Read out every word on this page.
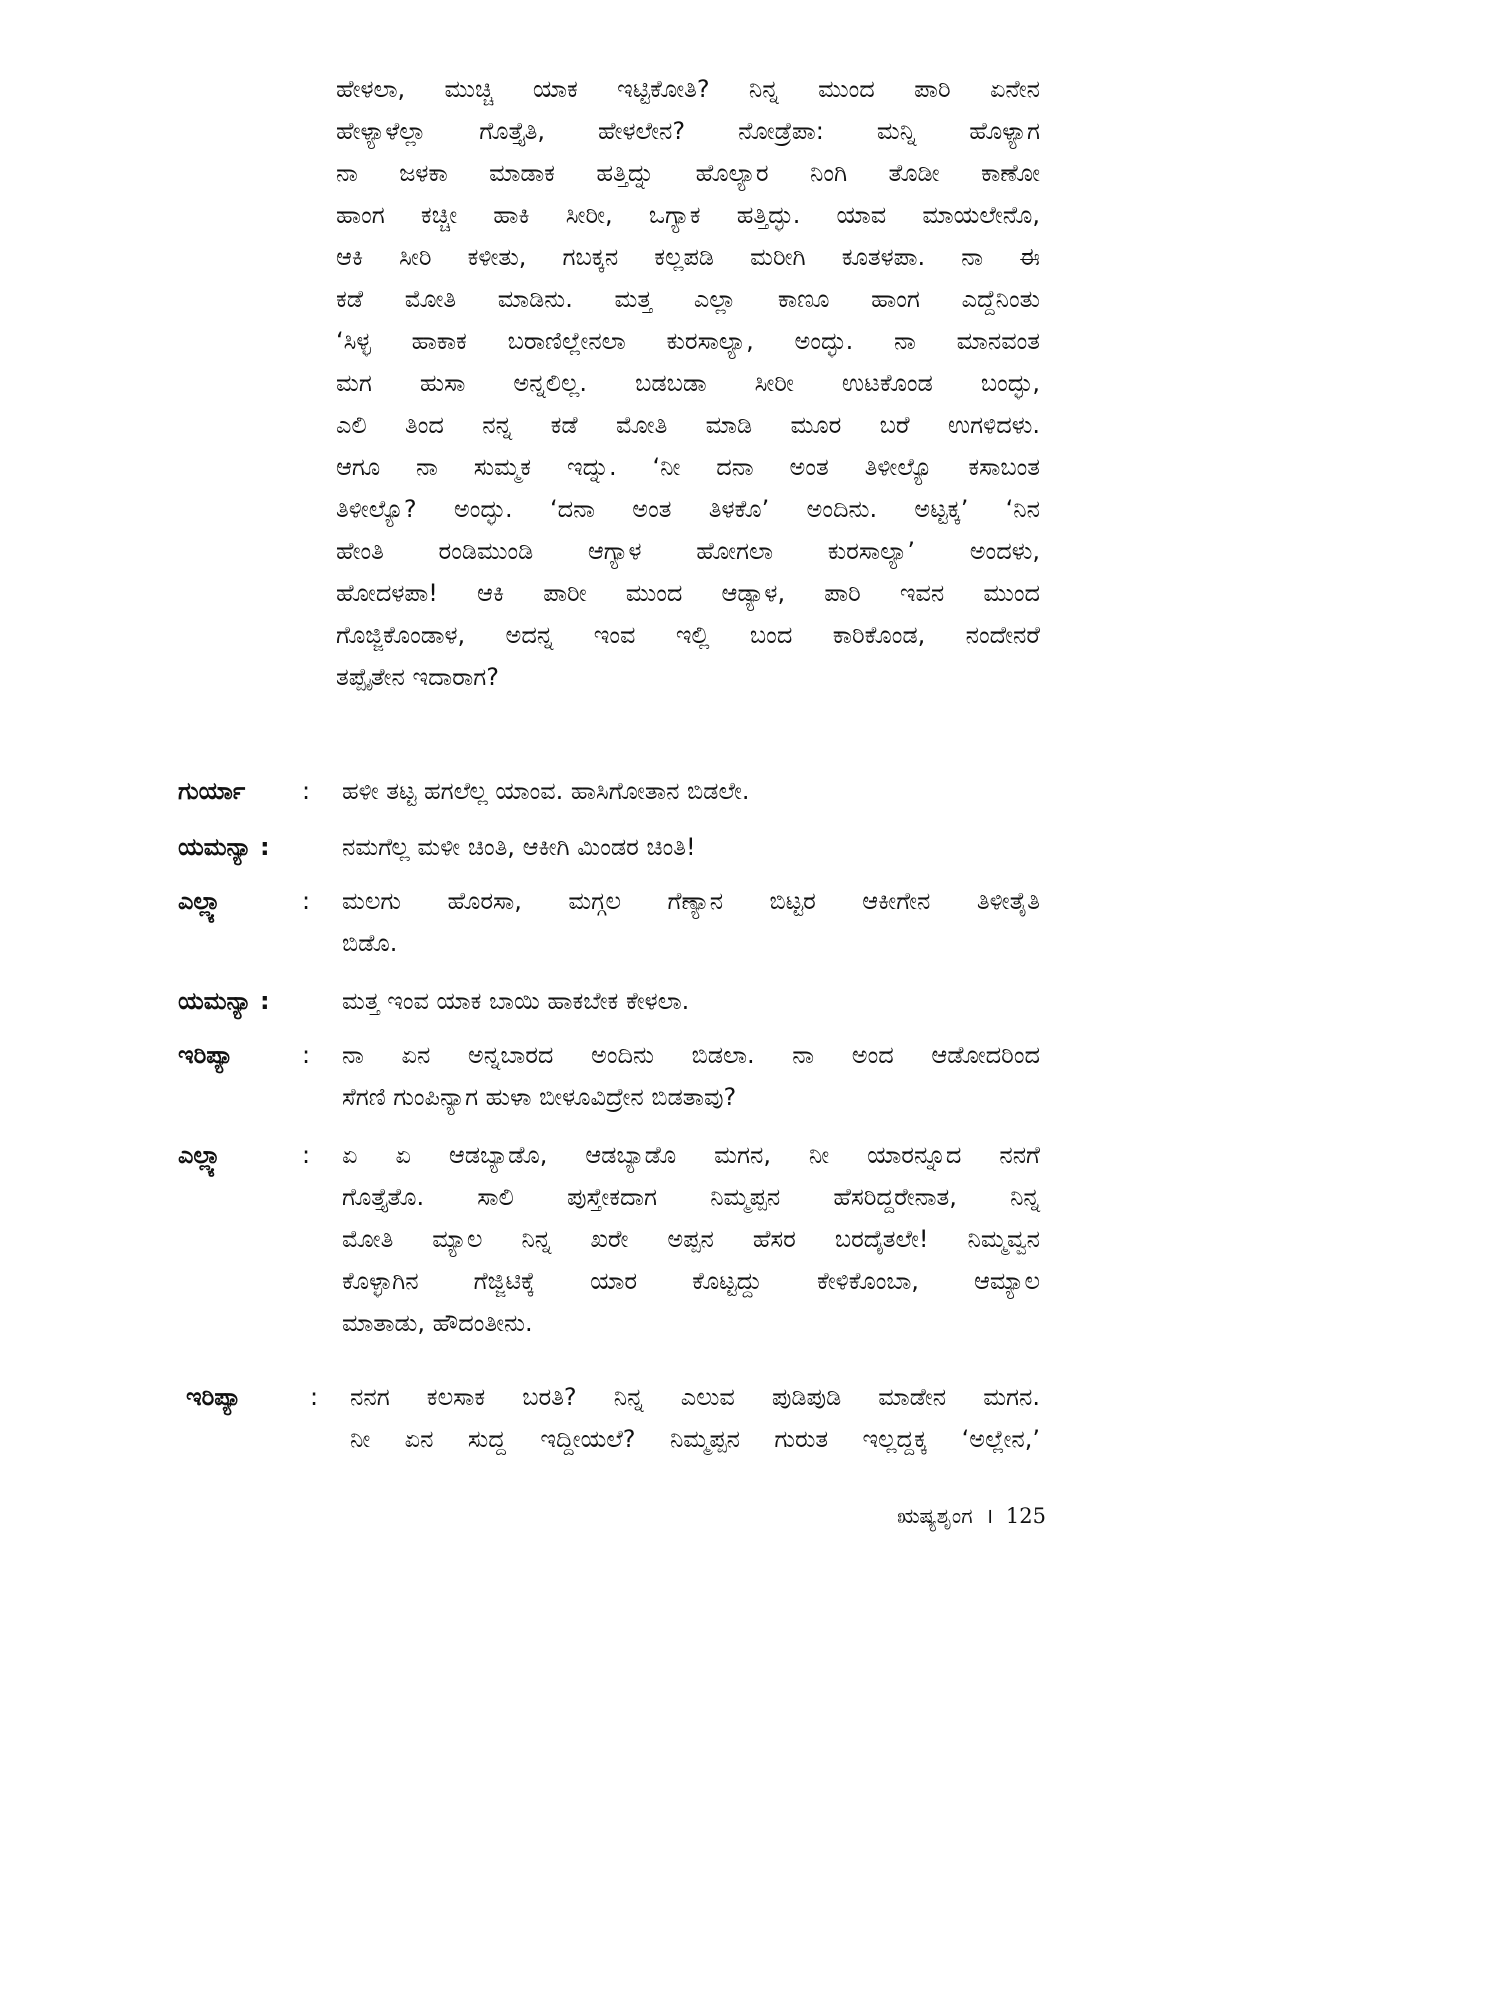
ಹೇಳಲಾ, ಮುಚ್ಚಿ ಯಾಕ ಇಟ್ಟಿಕೋತಿ? ನಿನ್ನ ಮುಂದ ಪಾರಿ ಏನೇನ
ಹೇಳ್ಯಾಳೆಲ್ಲಾ ಗೊತ್ತೈತಿ, ಹೇಳಲೇನ? ನೋಡ್ರೆಪಾ: ಮನ್ನಿ ಹೊಳ್ಯಾಗ
ನಾ ಜಳಕಾ ಮಾಡಾಕ ಹತ್ತಿದ್ನು ಹೊಲ್ಯಾರ ನಿಂಗಿ ತೊಡೀ ಕಾಣೋ
ಹಾಂಗ ಕಚ್ಚೀ ಹಾಕಿ ಸೀರೀ, ಒಗ್ಯಾಕ ಹತ್ತಿದ್ಳು. ಯಾವ ಮಾಯಲೇನೊ,
ಆಕಿ ಸೀರಿ ಕಳೀತು, ಗಬಕ್ಕನ ಕಲ್ಲಪಡಿ ಮರೀಗಿ ಕೂತಳಪಾ. ನಾ ಈ
ಕಡೆ ಮೋತಿ ಮಾಡಿನು. ಮತ್ತ ಎಲ್ಲಾ ಕಾಣೂ ಹಾಂಗ ಎದ್ದೆನಿಂತು
‘ಸಿಳ್ಳ ಹಾಕಾಕ ಬರಾಣಿಲ್ಲೇನಲಾ ಕುರಸಾಲ್ಯಾ, ಅಂದ್ಳು. ನಾ ಮಾನವಂತ
ಮಗ ಹುಸಾ ಅನ್ನಲಿಲ್ಲ. ಬಡಬಡಾ ಸೀರೀ ಉಟಕೊಂಡ ಬಂದ್ಳು,
ಎಲಿ ತಿಂದ ನನ್ನ ಕಡೆ ಮೋತಿ ಮಾಡಿ ಮೂರ ಬರೆ ಉಗಳಿದಳು.
ಆಗೂ ನಾ ಸುಮ್ಮಕ ಇದ್ನು. ‘ನೀ ದನಾ ಅಂತ ತಿಳೀಲ್ಯೊ ಕಸಾಬಂತ
ತಿಳೀಲ್ಯೊ? ಅಂದ್ಳು. ‘ದನಾ ಅಂತ ತಿಳಕೊ’ ಅಂದಿನು. ಅಟ್ಟಕ್ಕ’ ‘ನಿನ
ಹೇಂತಿ ರಂಡಿಮುಂಡಿ ಆಗ್ಯಾಳ ಹೋಗಲಾ ಕುರಸಾಲ್ಯಾ’ ಅಂದಳು,
ಹೋದಳಪಾ! ಆಕಿ ಪಾರೀ ಮುಂದ ಆಡ್ಯಾಳ, ಪಾರಿ ಇವನ ಮುಂದ
ಗೊಜ್ಜಿಕೊಂಡಾಳ, ಅದನ್ನ ಇಂವ ಇಲ್ಲಿ ಬಂದ ಕಾರಿಕೊಂಡ, ನಂದೇನರೆ
ತಪ್ಪೈತೇನ ಇದಾರಾಗ?
ಗುರ್ಯಾ : ಹಳೀ ತಟ್ಟ ಹಗಲೆಲ್ಲ ಯಾಂವ. ಹಾಸಿಗೋತಾನ ಬಿಡಲೇ.
ಯಮನ್ಯಾ :	ನಮಗೆಲ್ಲ ಮಳೀ ಚಿಂತಿ, ಆಕೀಗಿ ಮಿಂಡರ ಚಿಂತಿ!
ಎಲ್ಲ್ಯಾ	: ಮಲಗು ಹೊರಸಾ, ಮಗ್ಗಲ ಗೆಣ್ಯಾನ ಬಿಟ್ಟರ ಆಕೀಗೇನ ತಿಳೀತೈತಿ
ಬಿಡೊ.
ಯಮನ್ಯಾ :	ಮತ್ತ ಇಂವ ಯಾಕ ಬಾಯಿ ಹಾಕಬೇಕ ಕೇಳಲಾ.
ಇರಿಪ್ಯಾ	: ನಾ ಏನ ಅನ್ನಬಾರದ ಅಂದಿನು ಬಿಡಲಾ. ನಾ ಅಂದ ಆಡೋದರಿಂದ
ಸೆಗಣಿ ಗುಂಪಿನ್ಯಾಗ ಹುಳಾ ಬೀಳೂವಿದ್ರೇನ ಬಿಡತಾವು?
ಎಲ್ಲ್ಯಾ	: ಏ ಏ ಆಡಬ್ಯಾಡೊ, ಆಡಬ್ಯಾಡೊ ಮಗನ, ನೀ ಯಾರನ್ನೂದ ನನಗೆ
ಗೊತ್ತೈತೊ. ಸಾಲಿ ಪುಸ್ತೇಕದಾಗ ನಿಮ್ಮಪ್ಪನ ಹೆಸರಿದ್ದರೇನಾತ, ನಿನ್ನ
ಮೋತಿ ಮ್ಯಾಲ ನಿನ್ನ ಖರೇ ಅಪ್ಪನ ಹೆಸರ ಬರದೈತಲೇ! ನಿಮ್ಮವ್ವನ
ಕೊಳ್ಳಾಗಿನ ಗೆಜ್ಜಿಟಿಕ್ಕೆ ಯಾರ ಕೊಟ್ಟದ್ದು ಕೇಳಿಕೊಂಬಾ, ಆಮ್ಯಾಲ
ಮಾತಾಡು, ಹೌದಂತೀನು.
ಇರಿಪ್ಯಾ	: ನನಗ ಕಲಸಾಕ ಬರತಿ? ನಿನ್ನ ಎಲುವ ಪುಡಿಪುಡಿ ಮಾಡೇನ ಮಗನ.
ನೀ ಏನ ಸುದ್ದ ಇದ್ದೀಯಲೆ? ನಿಮ್ಮಪ್ಪನ ಗುರುತ ಇಲ್ಲದ್ದಕ್ಕ ‘ಅಲ್ಲೇನ,’
ಋಷ್ಯಶೃಂಗ । 125
